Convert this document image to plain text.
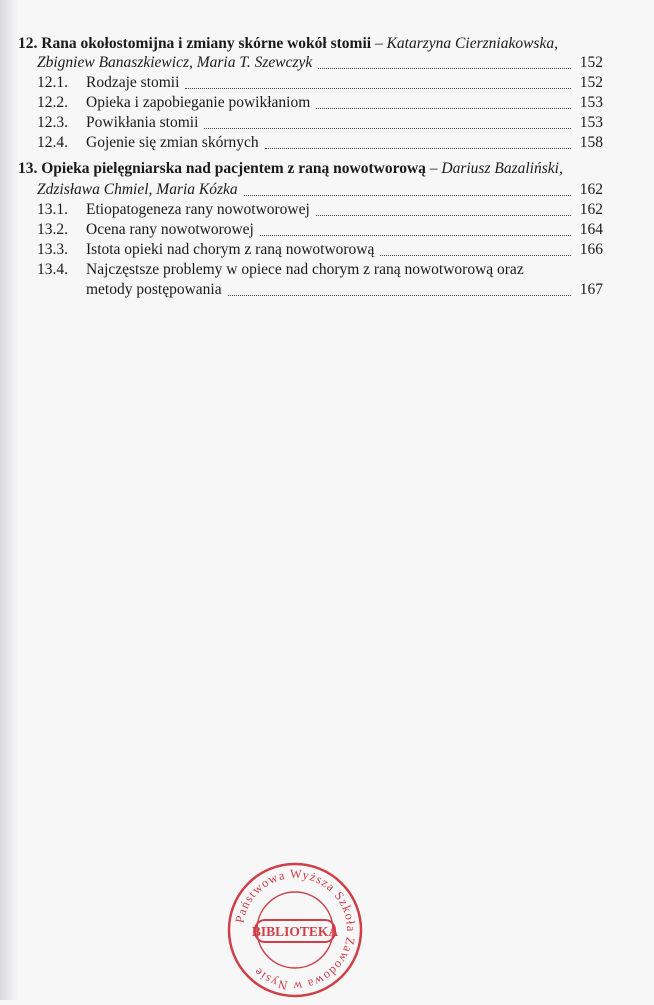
12. Rana okołostomijna i zmiany skórne wokół stomii – Katarzyna Cierzniakowska,
Zbigniew Banaszkiewicz, Maria T. Szewczyk	152
12.1. Rodzaje stomii	152
12.2. Opieka i zapobieganie powikłaniom	153
12.3. Powikłania stomii	153
12.4. Gojenie się zmian skórnych	158
13. Opieka pielęgniarska nad pacjentem z raną nowotworową – Dariusz Bazaliński,
Zdzisława Chmiel, Maria Kózka	162
13.1. Etiopatogeneza rany nowotworowej	162
13.2. Ocena rany nowotworowej	164
13.3. Istota opieki nad chorym z raną nowotworową	166
13.4. Najczęstsze problemy w opiece nad chorym z raną nowotworową oraz
metody postępowania	167
Państwowa Wyższa Szkoła Zawodowa w Nysie
BIBLIOTEKA
